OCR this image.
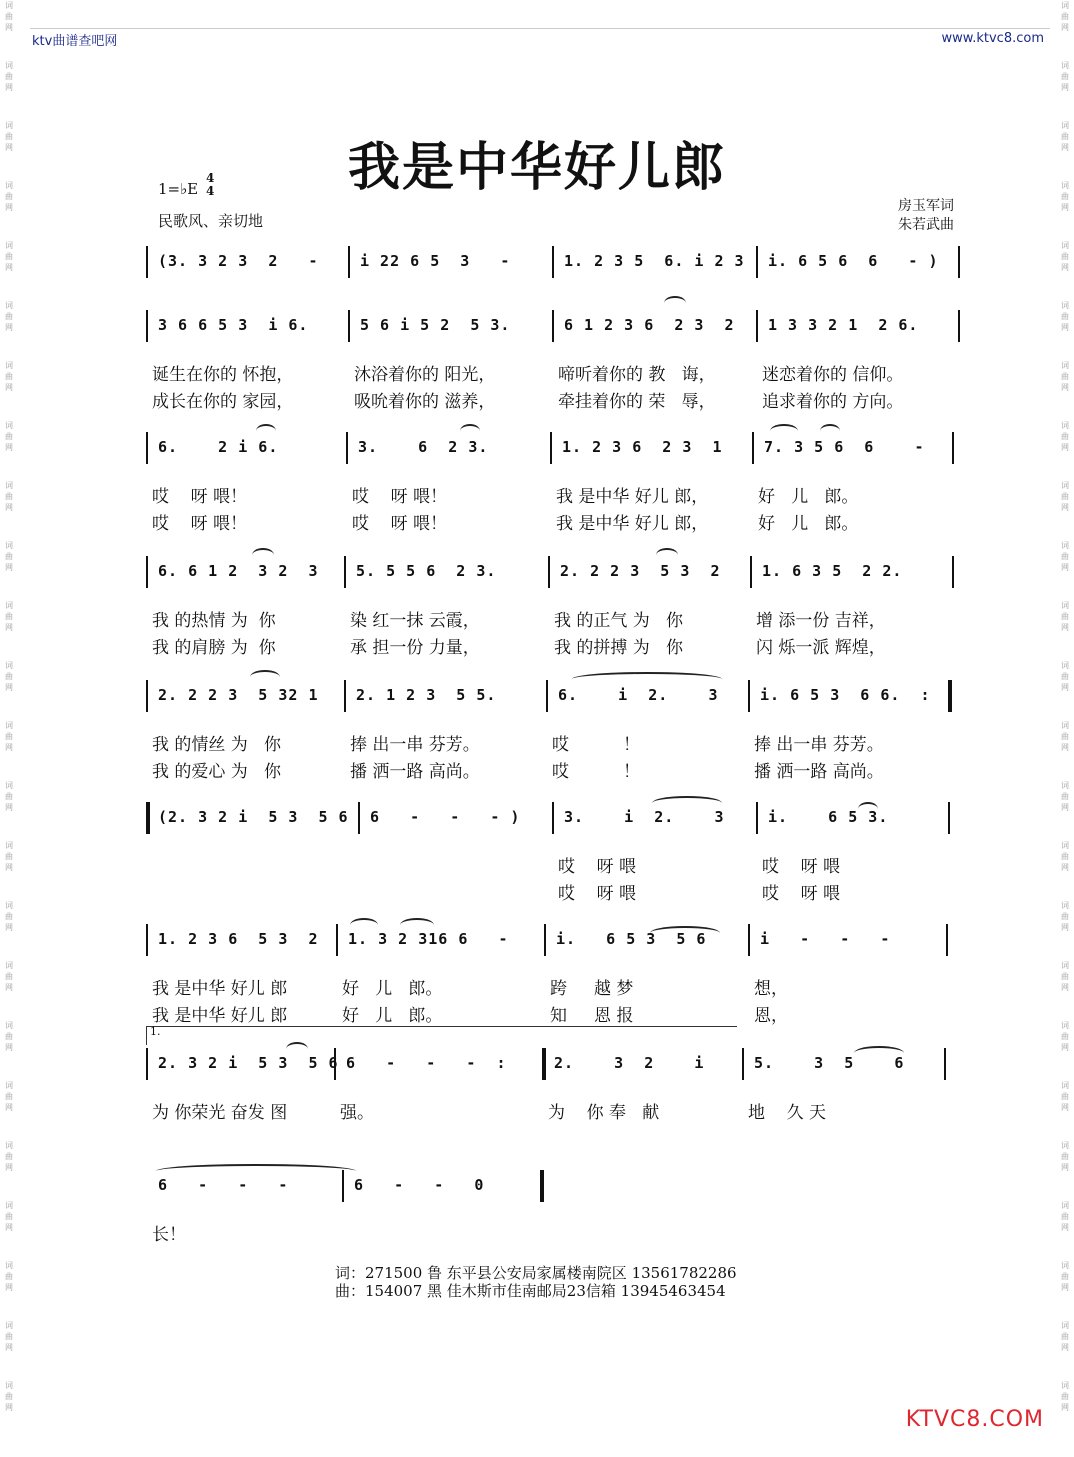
词
曲
网
词
曲
网
词
曲
网
词
曲
网
词
曲
网
词
曲
网
词
曲
网
词
曲
网
词
曲
网
词
曲
网
词
曲
网
词
曲
网
词
曲
网
词
曲
网
词
曲
网
词
曲
网
词
曲
网
词
曲
网
词
曲
网
词
曲
网
词
曲
网
词
曲
网
词
曲
网
词
曲
网
词
曲
网
词
曲
网
词
曲
网
词
曲
网
词
曲
网
词
曲
网
词
曲
网
词
曲
网
词
曲
网
词
曲
网
词
曲
网
词
曲
网
词
曲
网
词
曲
网
词
曲
网
词
曲
网
词
曲
网
词
曲
网
词
曲
网
词
曲
网
词
曲
网
词
曲
网
词
曲
网
词
曲
网
ktv曲谱查吧网	www.ktvc8.com
我是中华好儿郎
1=♭E
4
4
民歌风、亲切地
房玉军词
朱若武曲
(3. 3 2 3  2   -	i 22 6 5  3   -	1. 2 3 5  6. i 2 3 i. 6 5 6  6   - )
3 6 6 5 3  i 6.	5 6 i 5 2  5 3.	6 1 2 3 6  2 3  2 1 3 3 2 1  2 6.
诞生在你的 怀抱，	沐浴着你的 阳光，	啼听着你的 教   诲，	迷恋着你的 信仰。
成长在你的 家园，	吸吮着你的 滋养，	牵挂着你的 荣   辱，	追求着你的 方向。
6.    2 i 6.	3.    6  2 3.	1. 2 3 6  2 3  1	7. 3 5 6  6    -
哎    呀 喂！	哎    呀 喂！	我 是中华 好儿 郎，	好   儿   郎。
哎    呀 喂！	哎    呀 喂！	我 是中华 好儿 郎，	好   儿   郎。
6. 6 1 2  3 2  3	5. 5 5 6  2 3.	2. 2 2 3  5 3  2	1. 6 3 5  2 2.
我 的热情 为  你	染 红一抹 云霞，	我 的正气 为   你	增 添一份 吉祥，
我 的肩膀 为  你	承 担一份 力量，	我 的拼搏 为   你	闪 烁一派 辉煌，
2. 2 2 3  5 32 1	2. 1 2 3  5 5.	6.    i  2.    3	i. 6 5 3  6 6.  :
我 的情丝 为   你	捧 出一串 芬芳。	哎          ！	捧 出一串 芬芳。
我 的爱心 为   你	播 洒一路 高尚。	哎          ！	播 洒一路 高尚。
(2. 3 2 i  5 3  5 6 6   -   -   - )	3.    i  2.    3	i.    6 5 3.
哎    呀 喂	哎    呀 喂
哎    呀 喂	哎    呀 喂
1. 2 3 6  5 3  2 1. 3 2 316 6   -	i.   6 5 3  5 6	i   -   -   -
我 是中华 好儿 郎	好   儿   郎。	跨     越 梦	想，
我 是中华 好儿 郎	好   儿   郎。	知     恩 报	恩，
2. 3 2 i  5 3  5 6 6   -   -   -  :	2.    3  2    i	5.    3  5    6
为 你荣光 奋发 图	强。	为    你 奉   献	地    久 天
1.
6   -   -   -	6   -   -   0
长！
词：271500 鲁 东平县公安局家属楼南院区 13561782286
曲：154007 黑 佳木斯市佳南邮局23信箱 13945463454
KTVC8.COM
